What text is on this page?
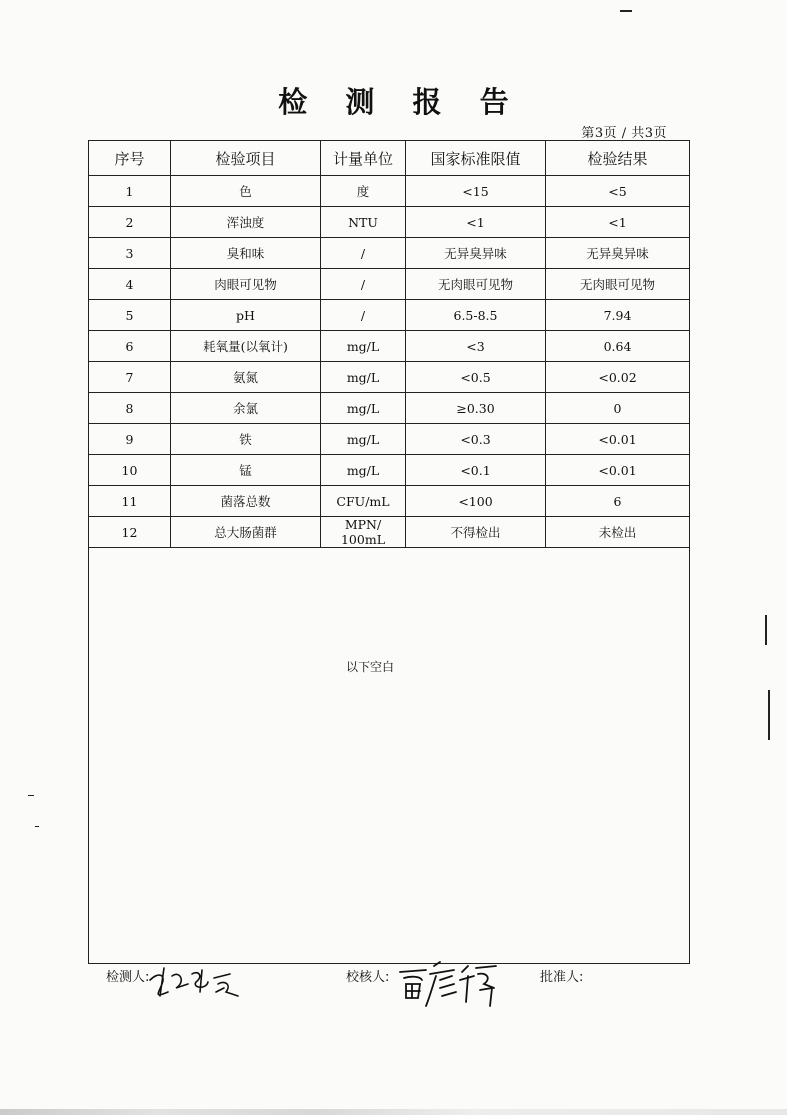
检 测 报 告
第3页 / 共3页
序号	检验项目	计量单位	国家标准限值	检验结果
1	色	度	<15	<5
2	浑浊度	NTU	<1	<1
3	臭和味	/	无异臭异味	无异臭异味
4	肉眼可见物	/	无肉眼可见物	无肉眼可见物
5	pH	/	6.5-8.5	7.94
6	耗氧量(以氧计)	mg/L	<3	0.64
7	氨氮	mg/L	<0.5	<0.02
8	余氯	mg/L	≥0.30	0
9	铁	mg/L	<0.3	<0.01
10	锰	mg/L	<0.1	<0.01
11	菌落总数	CFU/mL	<100	6
12	总大肠菌群	MPN/ 100mL	不得检出	未检出

以下空白
检测人:	校核人:	批准人:
